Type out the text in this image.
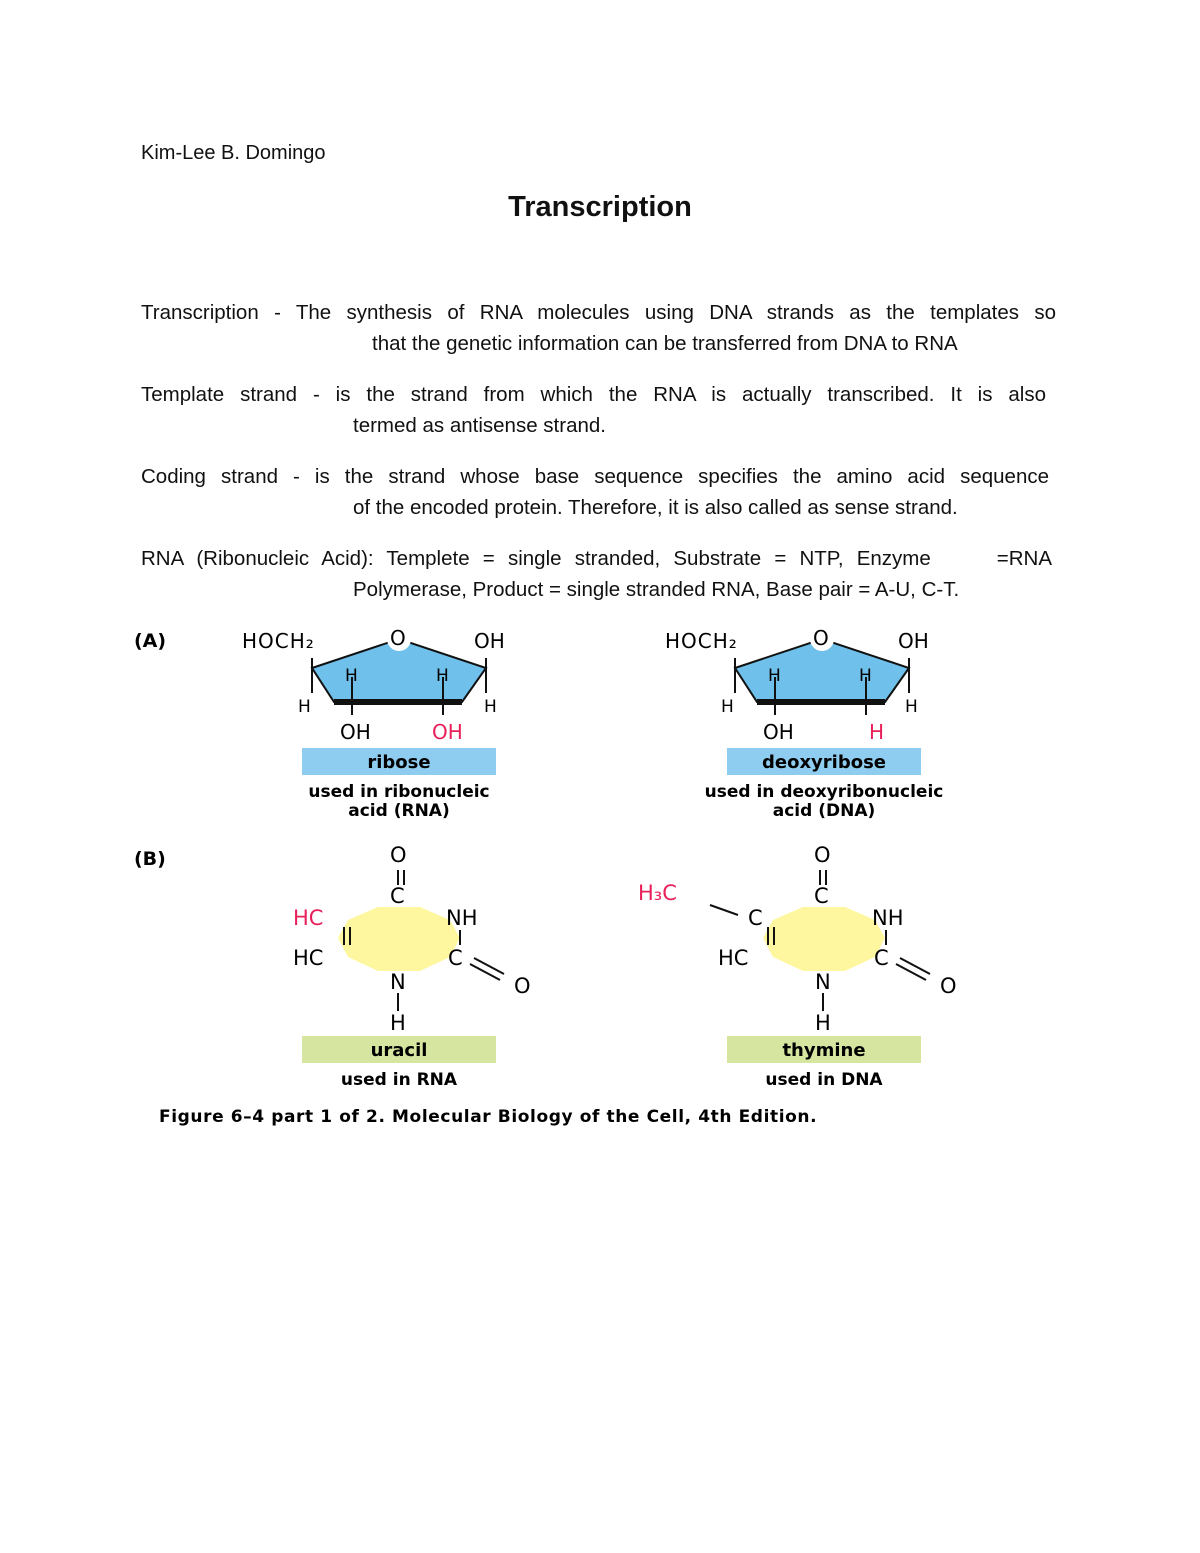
Kim-Lee B. Domingo
Transcription
Transcription - The synthesis of RNA molecules using DNA strands as the templates so
that the genetic information can be transferred from DNA to RNA
Template strand - is the strand from which the RNA is actually transcribed. It is also
termed as antisense strand.
Coding strand - is the strand whose base sequence specifies the amino acid sequence
of the encoded protein. Therefore, it is also called as sense strand.
RNA (Ribonucleic Acid): Templete = single stranded, Substrate = NTP, Enzyme     =RNA
Polymerase, Product = single stranded RNA, Base pair = A-U, C-T.
(A)
(B)
HOCH₂	O	OH
H	H
H	H
OH	OH
ribose
used in ribonucleic
acid (RNA)
HOCH₂	O	OH
H	H
H	H
OH	H
deoxyribose
used in deoxyribonucleic
acid (DNA)
O
C
HC	NH
HC	C
O
N
H
uracil
used in RNA
O
C
H₃C
C	NH
HC	C
O
N
H
thymine
used in DNA
Figure 6–4 part 1 of 2. Molecular Biology of the Cell, 4th Edition.
